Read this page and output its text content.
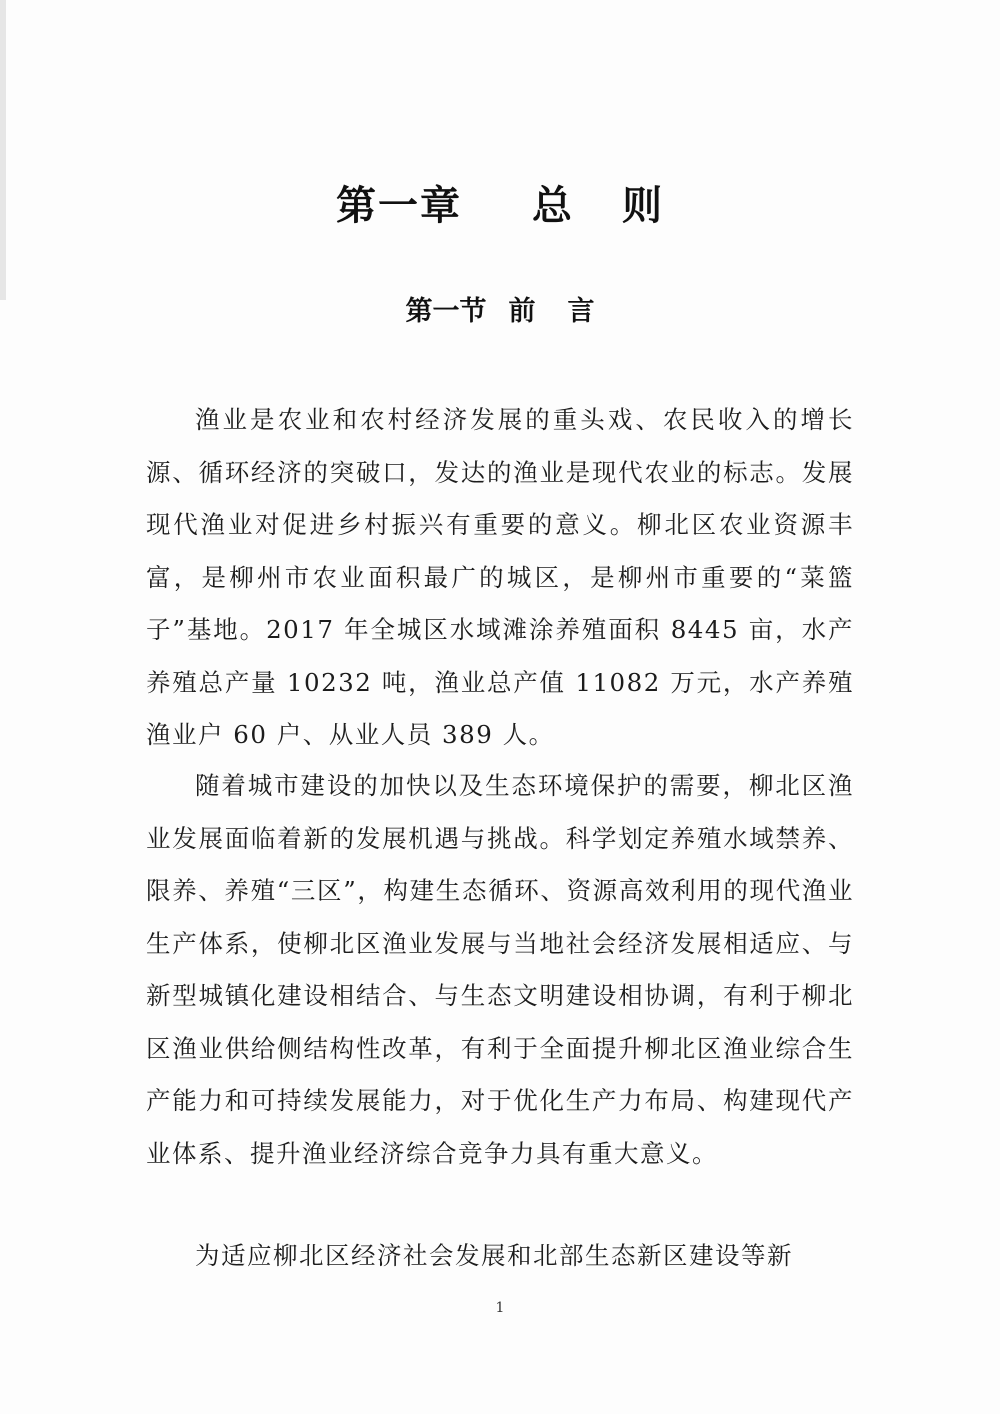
第一章 总 则
第一节 前 言

渔业是农业和农村经济发展的重头戏、农民收入的增长源、循环经济的突破口，发达的渔业是现代农业的标志。发展现代渔业对促进乡村振兴有重要的意义。柳北区农业资源丰富，是柳州市农业面积最广的城区，是柳州市重要的“菜篮子”基地。2017 年全城区水域滩涂养殖面积 8445 亩，水产养殖总产量 10232 吨，渔业总产值 11082 万元，水产养殖渔业户 60 户、从业人员 389 人。

随着城市建设的加快以及生态环境保护的需要，柳北区渔业发展面临着新的发展机遇与挑战。科学划定养殖水域禁养、限养、养殖“三区”，构建生态循环、资源高效利用的现代渔业生产体系，使柳北区渔业发展与当地社会经济发展相适应、与新型城镇化建设相结合、与生态文明建设相协调，有利于柳北区渔业供给侧结构性改革，有利于全面提升柳北区渔业综合生产能力和可持续发展能力，对于优化生产力布局、构建现代产业体系、提升渔业经济综合竞争力具有重大意义。

为适应柳北区经济社会发展和北部生态新区建设等新

1
